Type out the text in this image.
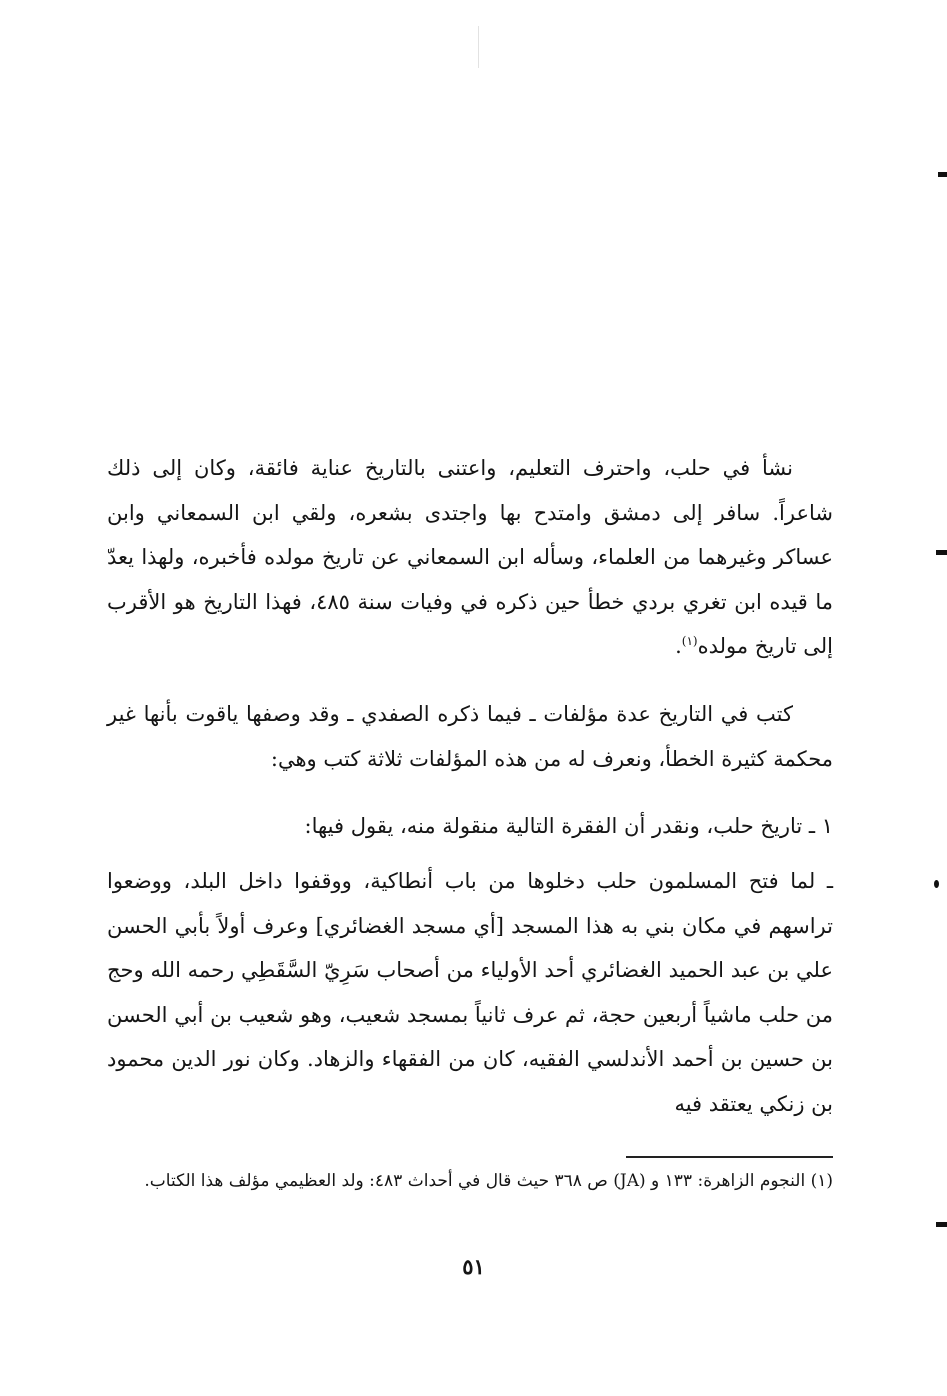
نشأ في حلب، واحترف التعليم، واعتنى بالتاريخ عناية فائقة، وكان إلى ذلك شاعراً. سافر إلى دمشق وامتدح بها واجتدى بشعره، ولقي ابن السمعاني وابن عساكر وغيرهما من العلماء، وسأله ابن السمعاني عن تاريخ مولده فأخبره، ولهذا يعدّ ما قيده ابن تغري بردي خطأ حين ذكره في وفيات سنة ٤٨٥، فهذا التاريخ هو الأقرب إلى تاريخ مولده$^{(١)}$.
كتب في التاريخ عدة مؤلفات ـ فيما ذكره الصفدي ـ وقد وصفها ياقوت بأنها غير محكمة كثيرة الخطأ، ونعرف له من هذه المؤلفات ثلاثة كتب وهي:
١ ـ تاريخ حلب، ونقدر أن الفقرة التالية منقولة منه، يقول فيها:
ـ لما فتح المسلمون حلب دخلوها من باب أنطاكية، ووقفوا داخل البلد، ووضعوا تراسهم في مكان بني به هذا المسجد [أي مسجد الغضائري] وعرف أولاً بأبي الحسن علي بن عبد الحميد الغضائري أحد الأولياء من أصحاب سَرِيّ السَّقَطِي رحمه الله وحج من حلب ماشياً أربعين حجة، ثم عرف ثانياً بمسجد شعيب، وهو شعيب بن أبي الحسن بن حسين بن أحمد الأندلسي الفقيه، كان من الفقهاء والزهاد. وكان نور الدين محمود بن زنكي يعتقد فيه
(١) النجوم الزاهرة: ١٣٣ و (JA) ص ٣٦٨ حيث قال في أحداث ٤٨٣: ولد العظيمي مؤلف هذا الكتاب.
٥١
